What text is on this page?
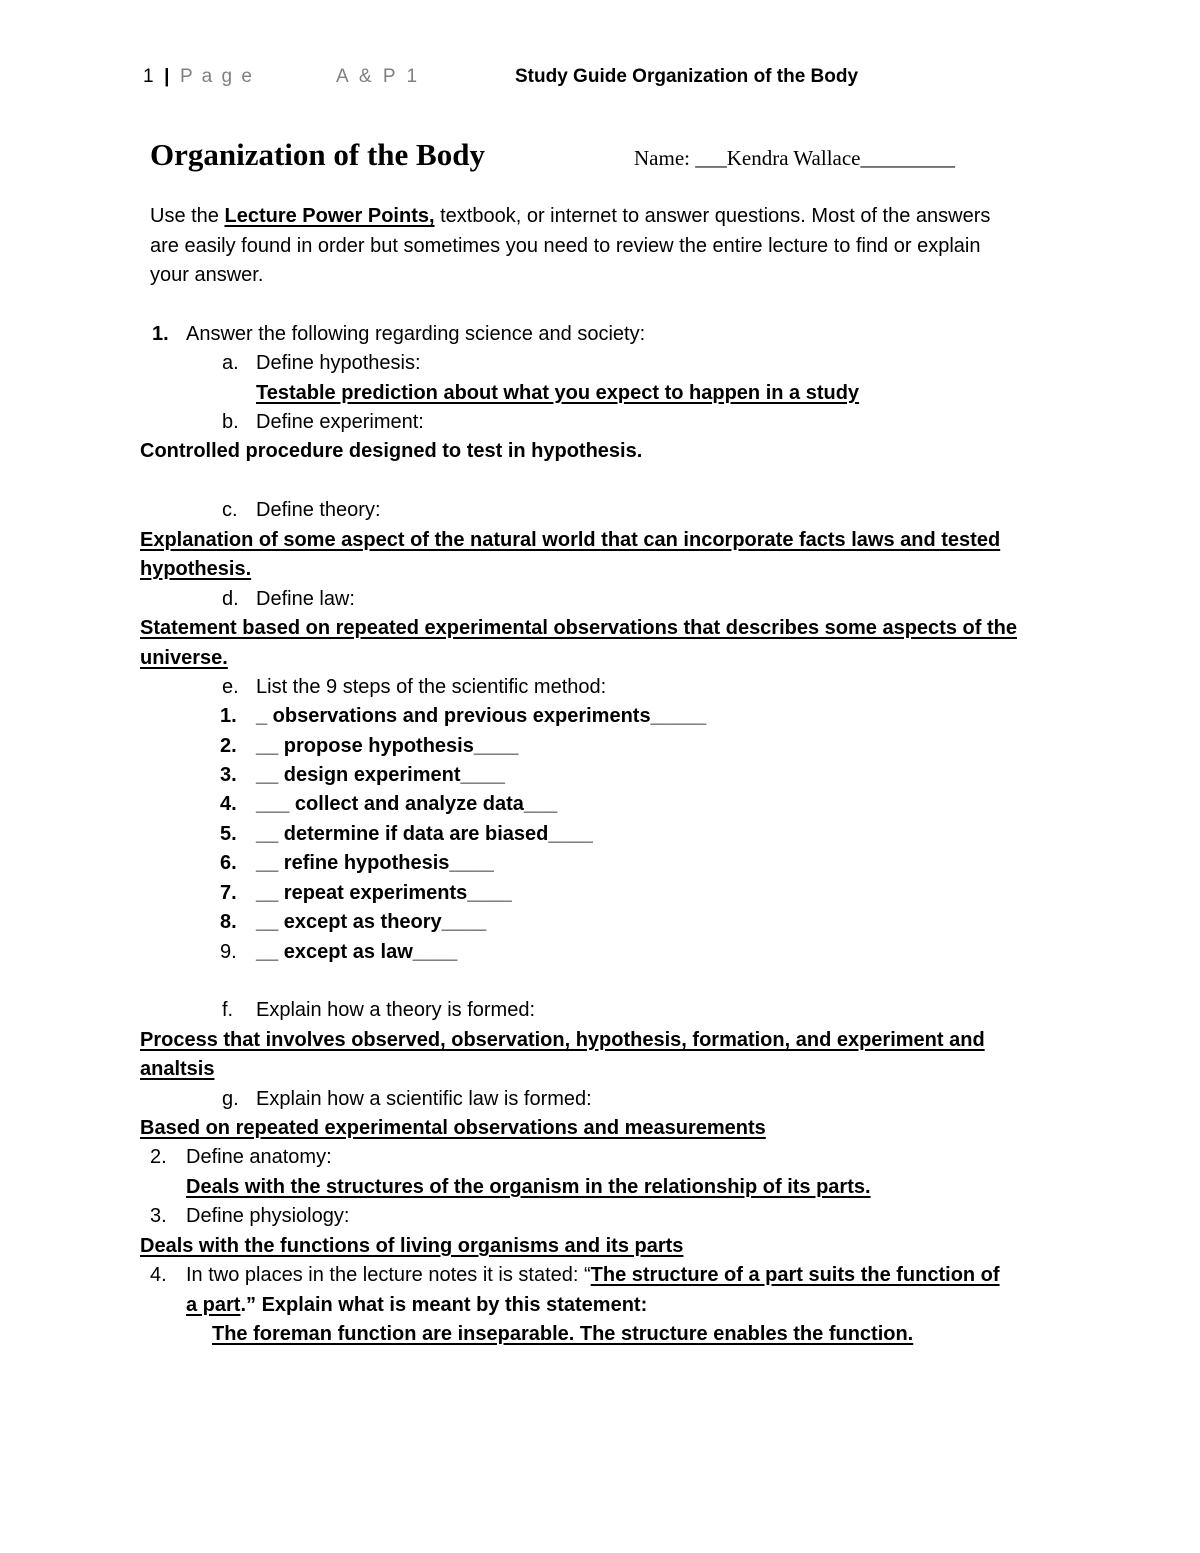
1  |  P a g e	A & P 1	Study Guide Organization of the Body
Organization of the Body	Name: ___Kendra Wallace_________
Use the Lecture Power Points, textbook, or internet to answer questions. Most of the answers
are easily found in order but sometimes you need to review the entire lecture to find or explain
your answer.
1. Answer the following regarding science and society:
a. Define hypothesis:
Testable prediction about what you expect to happen in a study
b. Define experiment:
Controlled procedure designed to test in hypothesis.
c. Define theory:
Explanation of some aspect of the natural world that can incorporate facts laws and tested
hypothesis.
d. Define law:
Statement based on repeated experimental observations that describes some aspects of the
universe.
e. List the 9 steps of the scientific method:
1. _ observations and previous experiments_____
2. __ propose hypothesis____
3. __ design experiment____
4. ___ collect and analyze data___
5. __ determine if data are biased____
6. __ refine hypothesis____
7. __ repeat experiments____
8. __ except as theory____
9. __ except as law____
f. Explain how a theory is formed:
Process that involves observed, observation, hypothesis, formation, and experiment and
analtsis
g. Explain how a scientific law is formed:
Based on repeated experimental observations and measurements
2. Define anatomy:
Deals with the structures of the organism in the relationship of its parts.
3. Define physiology:
Deals with the functions of living organisms and its parts
4. In two places in the lecture notes it is stated: “The structure of a part suits the function of
a part.” Explain what is meant by this statement:
The foreman function are inseparable. The structure enables the function.
